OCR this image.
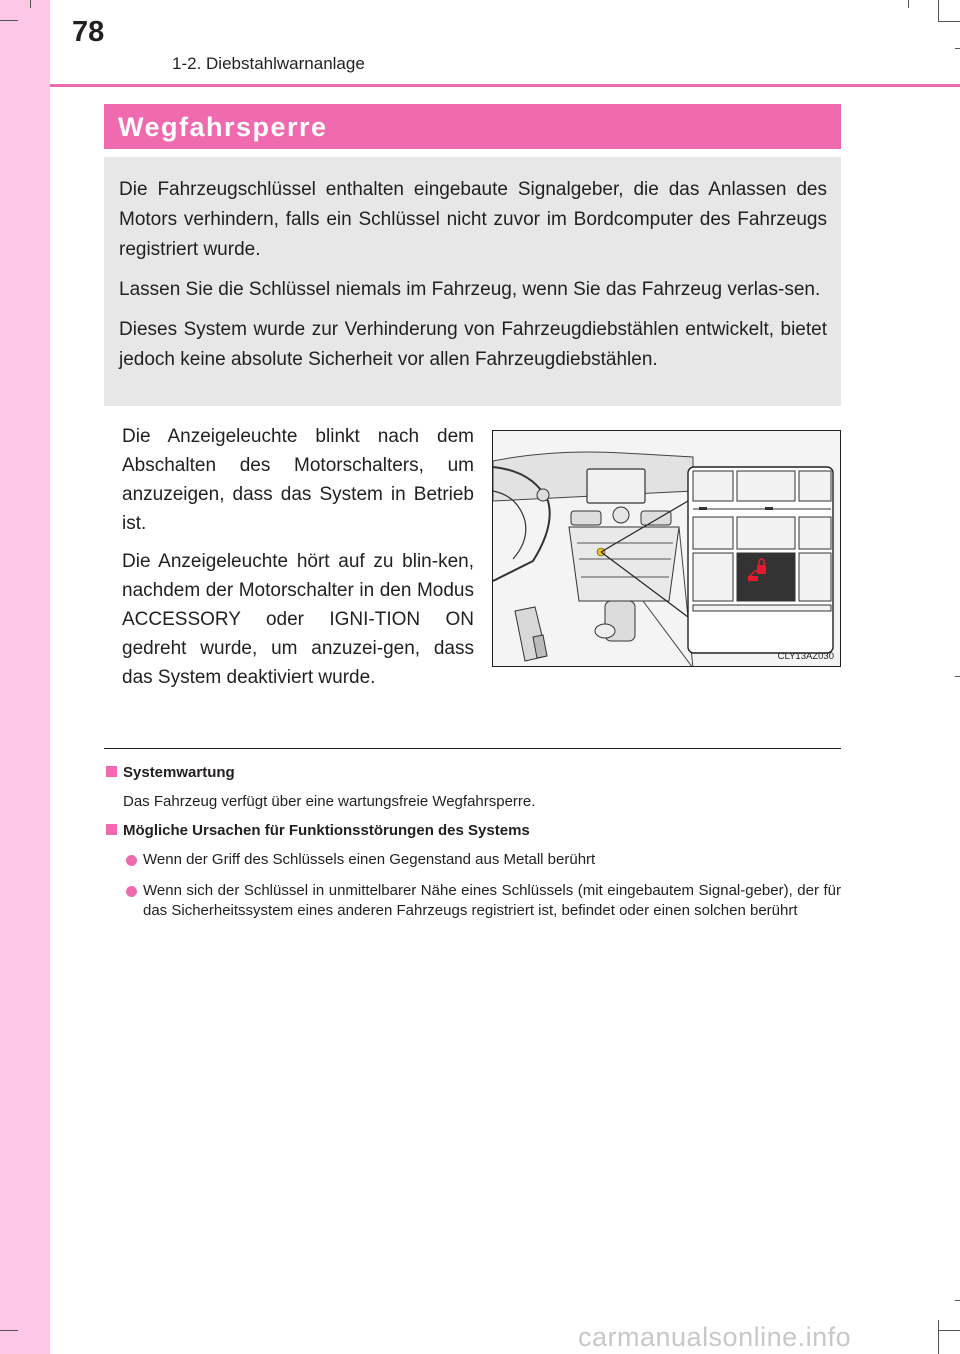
78
1-2. Diebstahlwarnanlage
Wegfahrsperre

Die Fahrzeugschlüssel enthalten eingebaute Signalgeber, die das Anlassen des Motors verhindern, falls ein Schlüssel nicht zuvor im Bordcomputer des Fahrzeugs registriert wurde.

Lassen Sie die Schlüssel niemals im Fahrzeug, wenn Sie das Fahrzeug verlas-sen.

Dieses System wurde zur Verhinderung von Fahrzeugdiebstählen entwickelt, bietet jedoch keine absolute Sicherheit vor allen Fahrzeugdiebstählen.

Die Anzeigeleuchte blinkt nach dem Abschalten des Motorschalters, um anzuzeigen, dass das System in Betrieb ist.

Die Anzeigeleuchte hört auf zu blin-ken, nachdem der Motorschalter in den Modus ACCESSORY oder IGNI-TION ON gedreht wurde, um anzuzei-gen, dass das System deaktiviert wurde.

CLY13AZ030
Systemwartung
Das Fahrzeug verfügt über eine wartungsfreie Wegfahrsperre.
Mögliche Ursachen für Funktionsstörungen des Systems
Wenn der Griff des Schlüssels einen Gegenstand aus Metall berührt
Wenn sich der Schlüssel in unmittelbarer Nähe eines Schlüssels (mit eingebautem Signal-geber), der für das Sicherheitssystem eines anderen Fahrzeugs registriert ist, befindet oder einen solchen berührt
carmanualsonline.info
